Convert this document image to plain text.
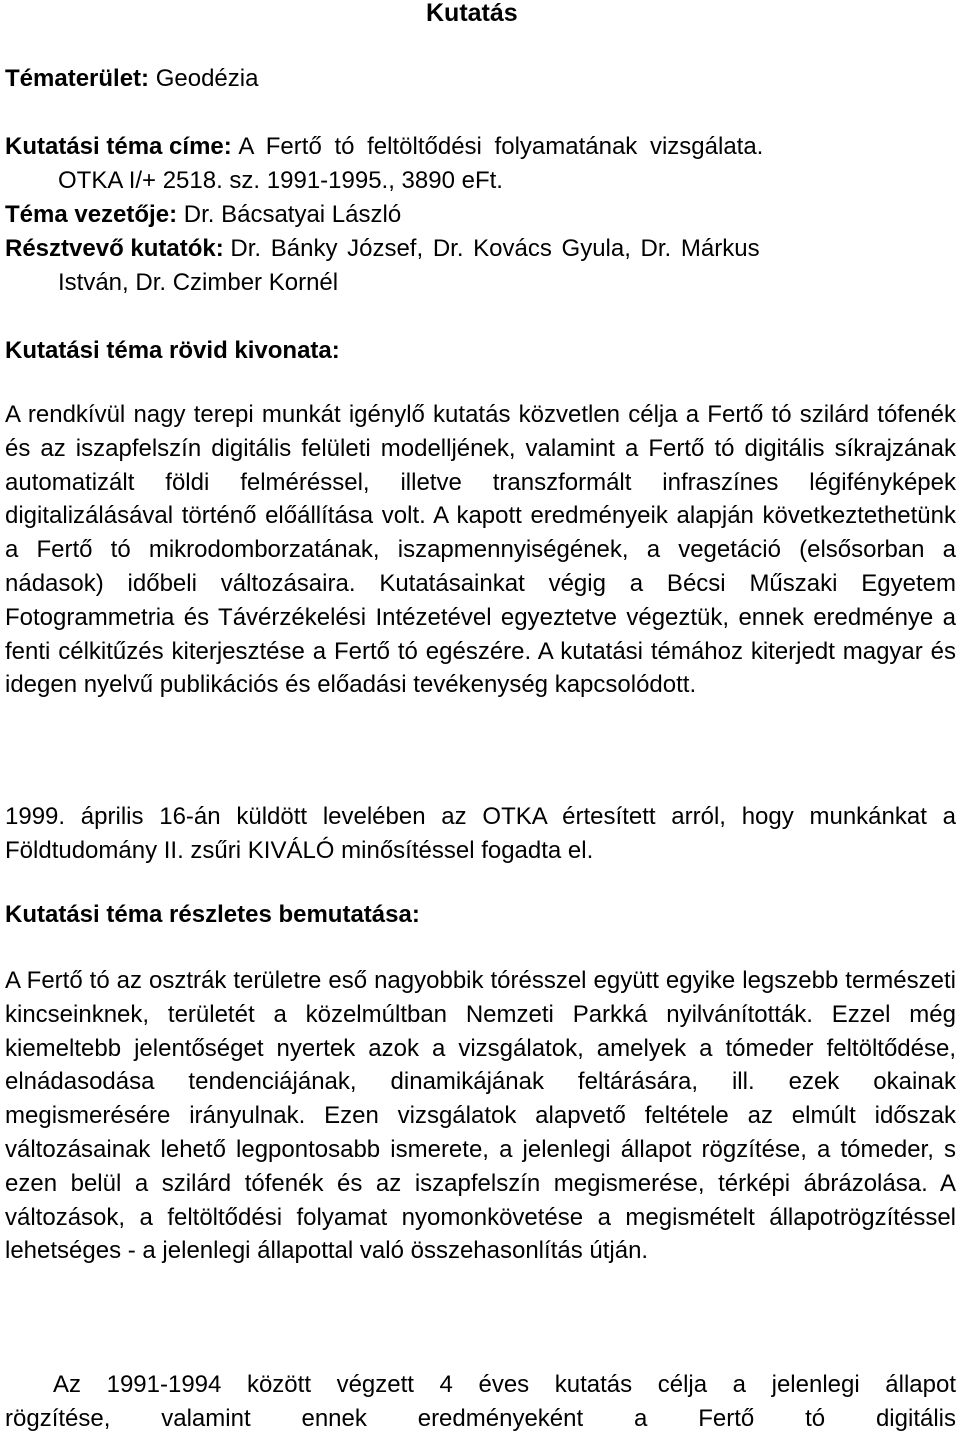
Kutatás

Tématerület: Geodézia

Kutatási téma címe: A Fertő tó feltöltődési folyamatának vizsgálata.

OTKA I/+ 2518. sz. 1991-1995., 3890 eFt.

Téma vezetője: Dr. Bácsatyai László

Résztvevő kutatók: Dr. Bánky József, Dr. Kovács Gyula, Dr. Márkus

István, Dr. Czimber Kornél

Kutatási téma rövid kivonata:

A rendkívül nagy terepi munkát igénylő kutatás közvetlen célja a Fertő tó szilárd tófenék és az iszapfelszín digitális felületi modelljének, valamint a Fertő tó digitális síkrajzának automatizált földi felméréssel, illetve transzformált infraszínes légifényképek digitalizálásával történő előállítása volt. A kapott eredményeik alapján következtethetünk a Fertő tó mikrodomborzatának, iszapmennyiségének, a vegetáció (elsősorban a nádasok) időbeli változásaira. Kutatásainkat végig a Bécsi Műszaki Egyetem Fotogrammetria és Távérzékelési Intézetével egyeztetve végeztük, ennek eredménye a fenti célkitűzés kiterjesztése a Fertő tó egészére. A kutatási témához kiterjedt magyar és idegen nyelvű publikációs és előadási tevékenység kapcsolódott.

1999. április 16-án küldött levelében az OTKA értesített arról, hogy munkánkat a Földtudomány II. zsűri KIVÁLÓ minősítéssel fogadta el.

Kutatási téma részletes bemutatása:

A Fertő tó az osztrák területre eső nagyobbik tórésszel együtt egyike legszebb természeti kincseinknek, területét a közelmúltban Nemzeti Parkká nyilvánították. Ezzel még kiemeltebb jelentőséget nyertek azok a vizsgálatok, amelyek a tómeder feltöltődése, elnádasodása tendenciájának, dinamikájának feltárására, ill. ezek okainak megismerésére irányulnak. Ezen vizsgálatok alapvető feltétele az elmúlt időszak változásainak lehető legpontosabb ismerete, a jelenlegi állapot rögzítése, a tómeder, s ezen belül a szilárd tófenék és az iszapfelszín megismerése, térképi ábrázolása. A változások, a feltöltődési folyamat nyomonkövetése a megismételt állapotrögzítéssel lehetséges - a jelenlegi állapottal való összehasonlítás útján.

Az 1991-1994 között végzett 4 éves kutatás célja a jelenlegi állapot

rögzítése, valamint ennek eredményeként a Fertő tó digitális
